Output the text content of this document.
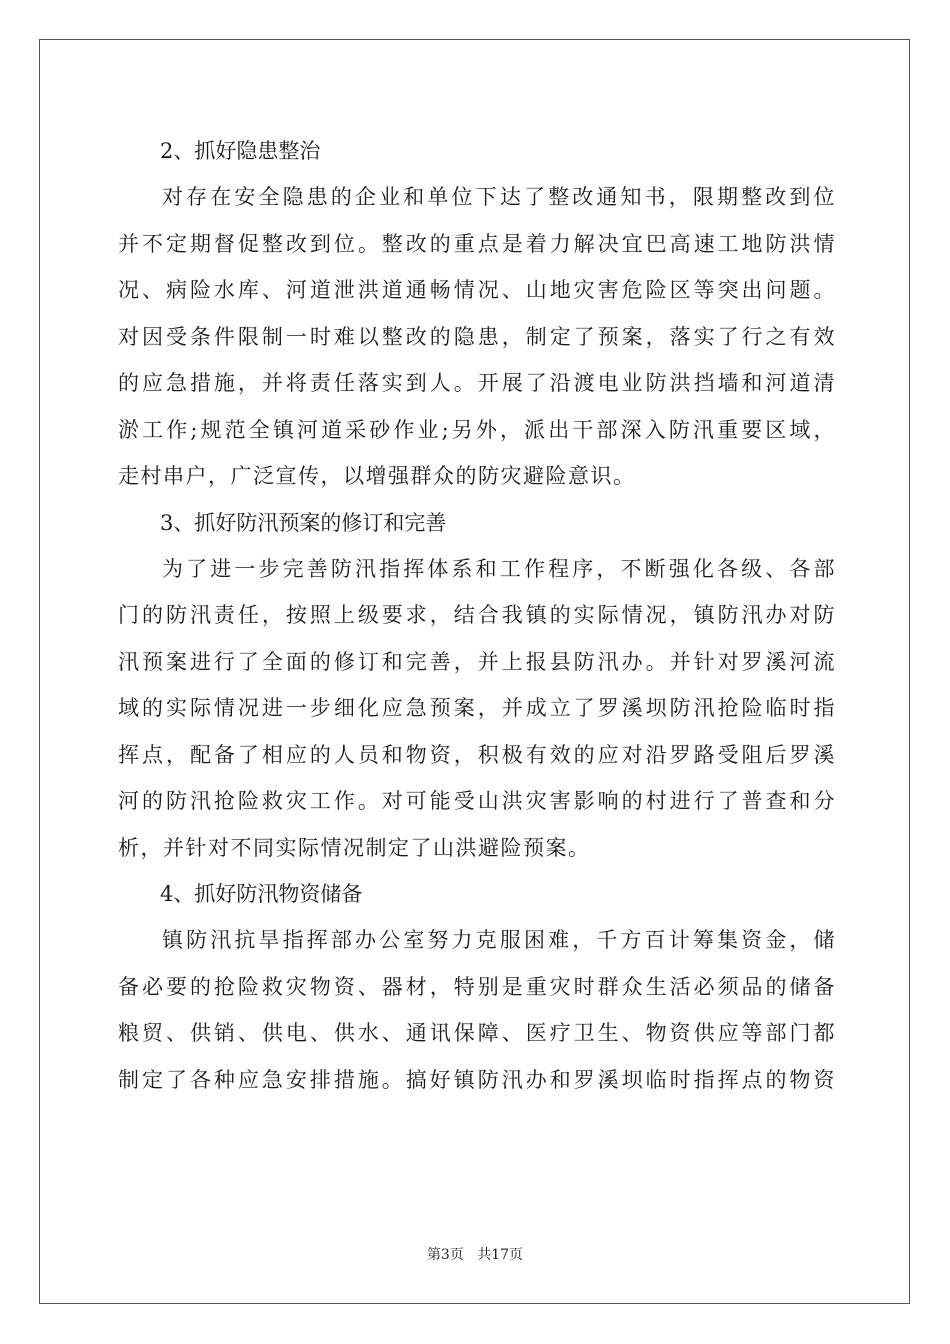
2、抓好隐患整治
对存在安全隐患的企业和单位下达了整改通知书，限期整改到位
并不定期督促整改到位。整改的重点是着力解决宜巴高速工地防洪情
况、病险水库、河道泄洪道通畅情况、山地灾害危险区等突出问题。
对因受条件限制一时难以整改的隐患，制定了预案，落实了行之有效
的应急措施，并将责任落实到人。开展了沿渡电业防洪挡墙和河道清
淤工作;规范全镇河道采砂作业;另外，派出干部深入防汛重要区域，
走村串户，广泛宣传，以增强群众的防灾避险意识。
3、抓好防汛预案的修订和完善
为了进一步完善防汛指挥体系和工作程序，不断强化各级、各部
门的防汛责任，按照上级要求，结合我镇的实际情况，镇防汛办对防
汛预案进行了全面的修订和完善，并上报县防汛办。并针对罗溪河流
域的实际情况进一步细化应急预案，并成立了罗溪坝防汛抢险临时指
挥点，配备了相应的人员和物资，积极有效的应对沿罗路受阻后罗溪
河的防汛抢险救灾工作。对可能受山洪灾害影响的村进行了普查和分
析，并针对不同实际情况制定了山洪避险预案。
4、抓好防汛物资储备
镇防汛抗旱指挥部办公室努力克服困难，千方百计筹集资金，储
备必要的抢险救灾物资、器材，特别是重灾时群众生活必须品的储备
粮贸、供销、供电、供水、通讯保障、医疗卫生、物资供应等部门都
制定了各种应急安排措施。搞好镇防汛办和罗溪坝临时指挥点的物资
第3页 共17页
